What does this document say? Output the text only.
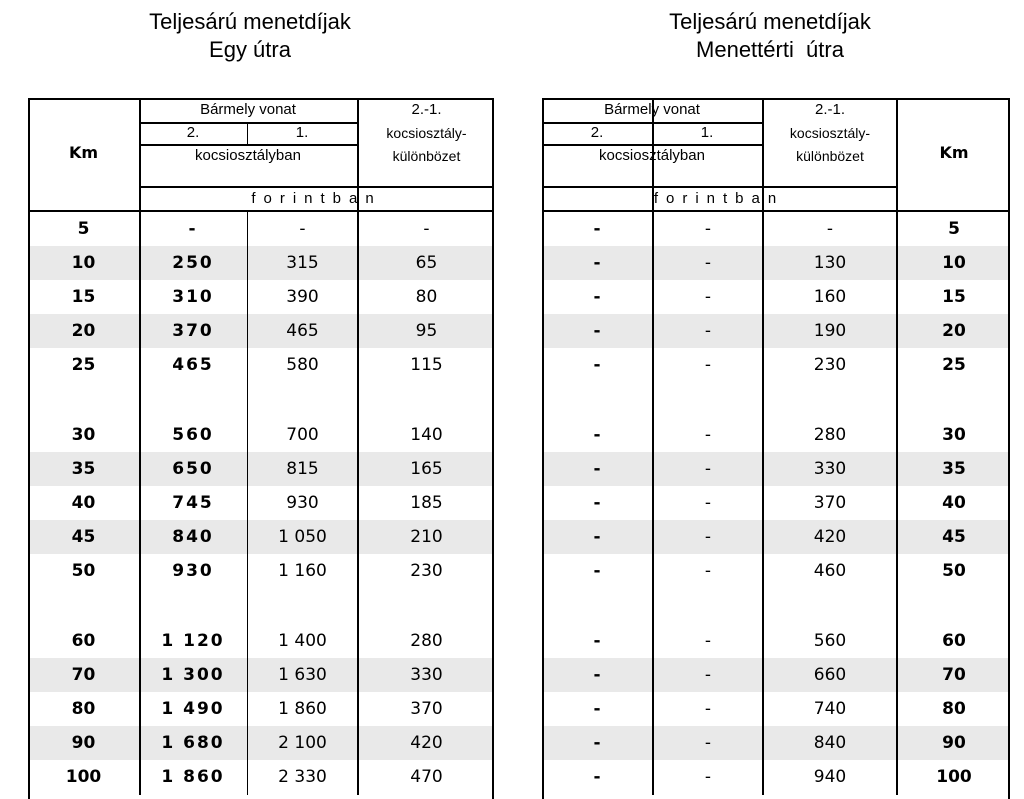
Teljesárú menetdíjak
Egy útra
Teljesárú menetdíjak
Menettérti  útra
Km
Bármely vonat
2.	1.
kocsiosztályban
2.-1.
kocsiosztály-
különbözet
forintban
5	-	-	-
10	250	315	65
15	310	390	80
20	370	465	95
25	465	580	115
30	560	700	140
35	650	815	165
40	745	930	185
45	840	1 050	210
50	930	1 160	230
60	1 120	1 400	280
70	1 300	1 630	330
80	1 490	1 860	370
90	1 680	2 100	420
100	1 860	2 330	470
Bármely vonat
2.	1.
kocsiosztályban
2.-1.
kocsiosztály-
különbözet
forintban
Km
-	-	-	5
-	-	130	10
-	-	160	15
-	-	190	20
-	-	230	25
-	-	280	30
-	-	330	35
-	-	370	40
-	-	420	45
-	-	460	50
-	-	560	60
-	-	660	70
-	-	740	80
-	-	840	90
-	-	940	100
